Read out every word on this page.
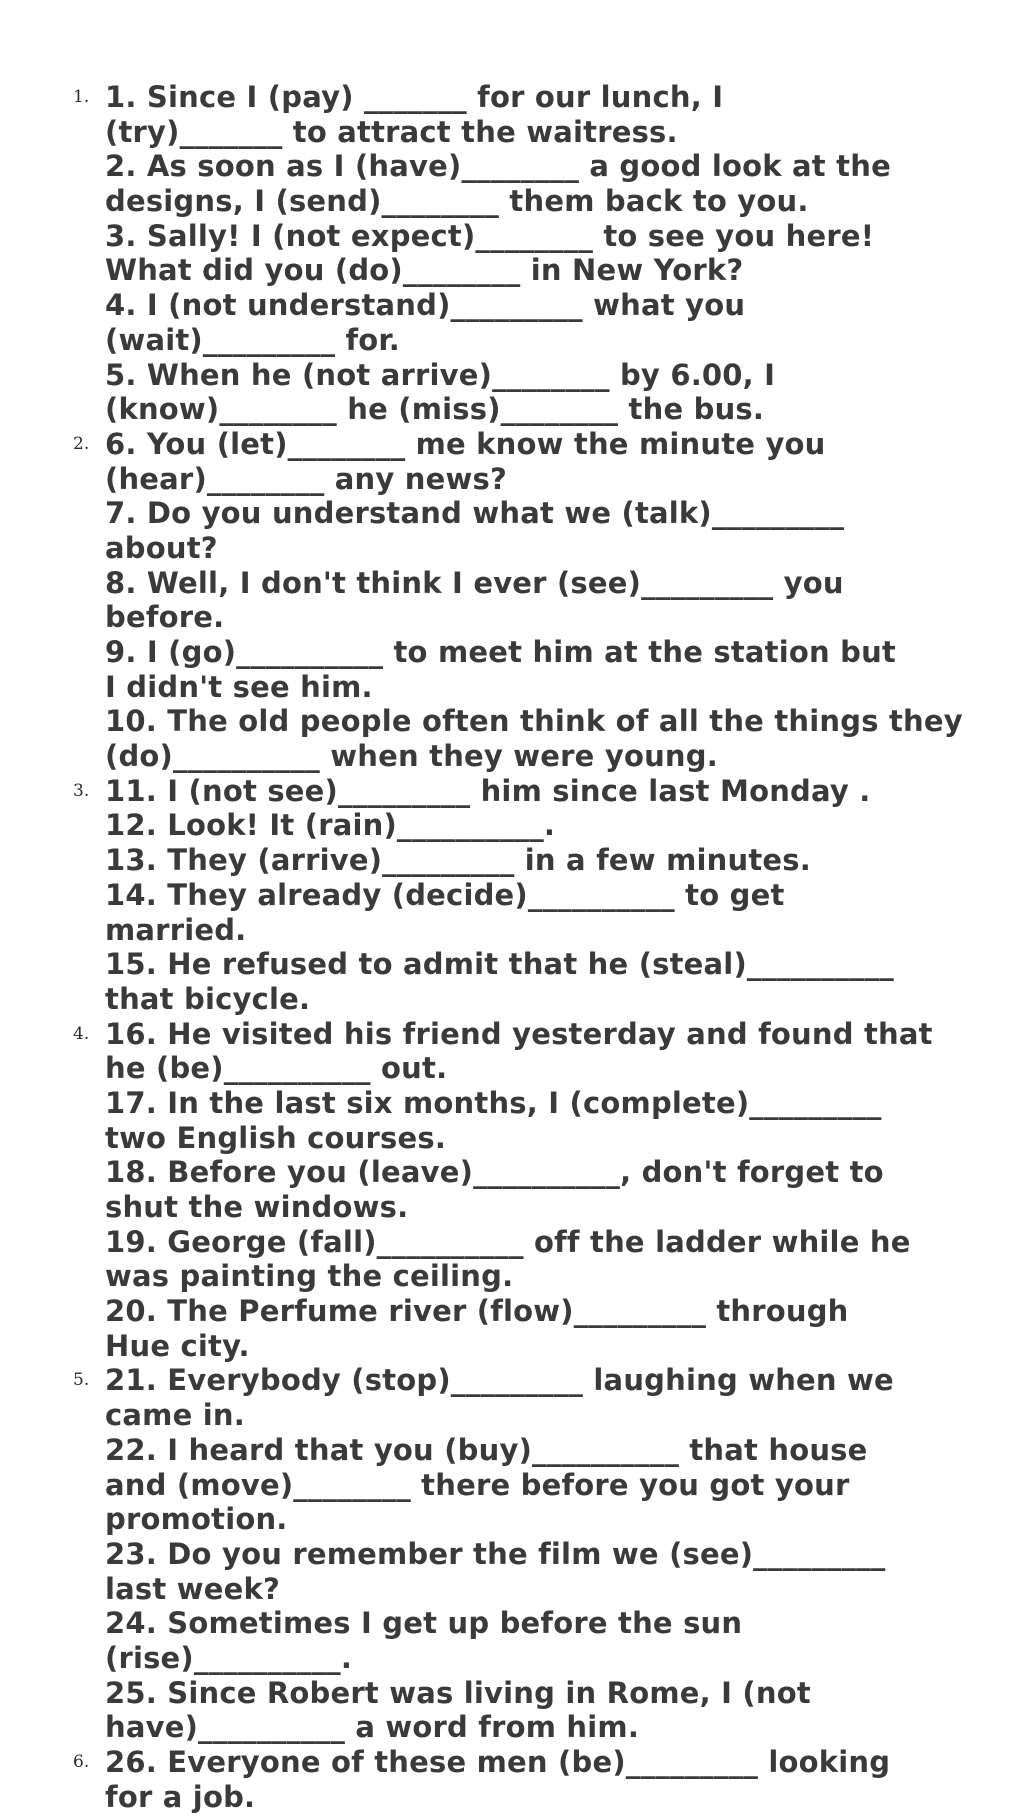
1. 1. Since I (pay) _______ for our lunch, I
(try)_______ to attract the waitress.
2. As soon as I (have)________ a good look at the
designs, I (send)________ them back to you.
3. Sally! I (not expect)________ to see you here!
What did you (do)________ in New York?
4. I (not understand)_________ what you
(wait)_________ for.
5. When he (not arrive)________ by 6.00, I
(know)________ he (miss)________ the bus.
2. 6. You (let)________ me know the minute you
(hear)________ any news?
7. Do you understand what we (talk)_________
about?
8. Well, I don't think I ever (see)_________ you
before.
9. I (go)__________ to meet him at the station but
I didn't see him.
10. The old people often think of all the things they
(do)__________ when they were young.
3. 11. I (not see)_________ him since last Monday .
12. Look! It (rain)__________.
13. They (arrive)_________ in a few minutes.
14. They already (decide)__________ to get
married.
15. He refused to admit that he (steal)__________
that bicycle.
4. 16. He visited his friend yesterday and found that
he (be)__________ out.
17. In the last six months, I (complete)_________
two English courses.
18. Before you (leave)__________, don't forget to
shut the windows.
19. George (fall)__________ off the ladder while he
was painting the ceiling.
20. The Perfume river (flow)_________ through
Hue city.
5. 21. Everybody (stop)_________ laughing when we
came in.
22. I heard that you (buy)__________ that house
and (move)________ there before you got your
promotion.
23. Do you remember the film we (see)_________
last week?
24. Sometimes I get up before the sun
(rise)__________.
25. Since Robert was living in Rome, I (not
have)__________ a word from him.
6. 26. Everyone of these men (be)_________ looking
for a job.
